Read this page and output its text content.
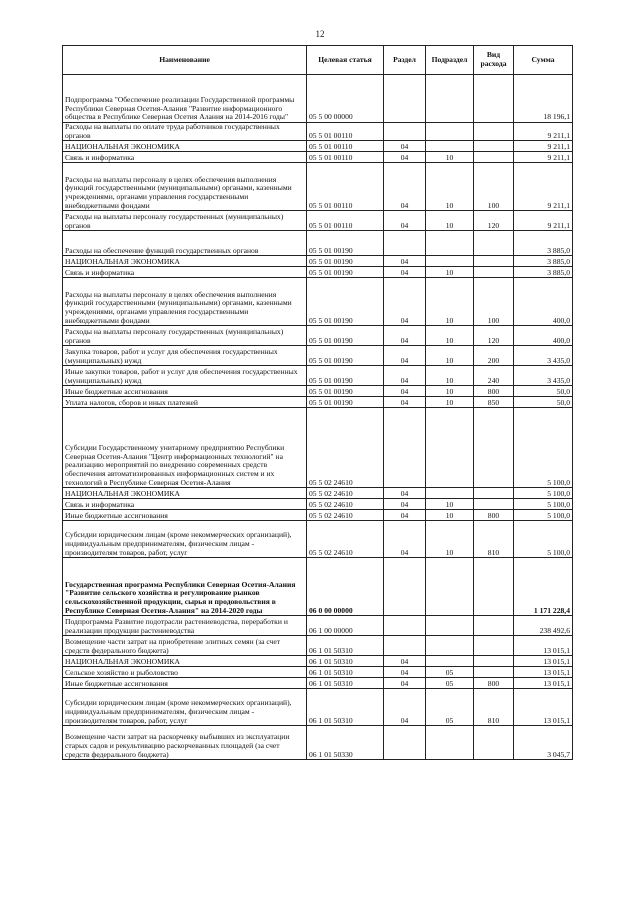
12
Наименование	Целевая статья	Раздел	Подраздел	Вид расхода	Сумма
Подпрограмма "Обеспечение реализации Государственной программы Республики Северная Осетия-Алания "Развитие информационного общества в Республике Северная Осетия Алания на 2014-2016 годы"	05 5 00 00000				18 196,1
Расходы на выплаты по оплате труда работников государственных органов	05 5 01 00110				9 211,1
НАЦИОНАЛЬНАЯ ЭКОНОМИКА	05 5 01 00110	04			9 211,1
Связь и информатика	05 5 01 00110	04	10		9 211,1
Расходы на выплаты персоналу в целях обеспечения выполнения функций государственными (муниципальными) органами, казенными учреждениями, органами управления государственными внебюджетными фондами	05 5 01 00110	04	10	100	9 211,1
Расходы на выплаты персоналу государственных (муниципальных) органов	05 5 01 00110	04	10	120	9 211,1
Расходы на обеспечение функций государственных органов	05 5 01 00190				3 885,0
НАЦИОНАЛЬНАЯ ЭКОНОМИКА	05 5 01 00190	04			3 885,0
Связь и информатика	05 5 01 00190	04	10		3 885,0
Расходы на выплаты персоналу в целях обеспечения выполнения функций государственными (муниципальными) органами, казенными учреждениями, органами управления государственными внебюджетными фондами	05 5 01 00190	04	10	100	400,0
Расходы на выплаты персоналу государственных (муниципальных) органов	05 5 01 00190	04	10	120	400,0
Закупка товаров, работ и услуг для обеспечения государственных (муниципальных) нужд	05 5 01 00190	04	10	200	3 435,0
Иные закупки товаров, работ и услуг для обеспечения государственных (муниципальных) нужд	05 5 01 00190	04	10	240	3 435,0
Иные бюджетные ассигнования	05 5 01 00190	04	10	800	50,0
Уплата налогов, сборов и иных платежей	05 5 01 00190	04	10	850	50,0
Субсидии Государственному унитарному предприятию Республики Северная Осетия-Алания "Центр информационных технологий" на реализацию мероприятий по внедрению современных средств обеспечения автоматизированных информационных систем и их технологий в Республике Северная Осетия-Алания	05 5 02 24610				5 100,0
НАЦИОНАЛЬНАЯ ЭКОНОМИКА	05 5 02 24610	04			5 100,0
Связь и информатика	05 5 02 24610	04	10		5 100,0
Иные бюджетные ассигнования	05 5 02 24610	04	10	800	5 100,0
Субсидии юридическим лицам (кроме некоммерческих организаций), индивидуальным предпринимателям, физическим лицам - производителям товаров, работ, услуг	05 5 02 24610	04	10	810	5 100,0
Государственная программа Республики Северная Осетия-Алания "Развитие сельского хозяйства и регулирование рынков сельскохозяйственной продукции, сырья и продовольствия в Республике Северная Осетия-Алания" на 2014-2020 годы	06 0 00 00000				1 171 228,4
Подпрограмма Развитие подотрасли растениеводства, переработки и реализации продукции растениеводства	06 1 00 00000				238 492,6
Возмещение части затрат на приобретение элитных семян (за счет средств федерального бюджета)	06 1 01 50310				13 015,1
НАЦИОНАЛЬНАЯ ЭКОНОМИКА	06 1 01 50310	04			13 015,1
Сельское хозяйство и рыболовство	06 1 01 50310	04	05		13 015,1
Иные бюджетные ассигнования	06 1 01 50310	04	05	800	13 015,1
Субсидии юридическим лицам (кроме некоммерческих организаций), индивидуальным предпринимателям, физическим лицам - производителям товаров, работ, услуг	06 1 01 50310	04	05	810	13 015,1
Возмещение части затрат на раскорчевку выбывших из эксплуатации старых садов и рекультивацию раскорчеванных площадей (за счет средств федерального бюджета)	06 1 01 50330				3 045,7
